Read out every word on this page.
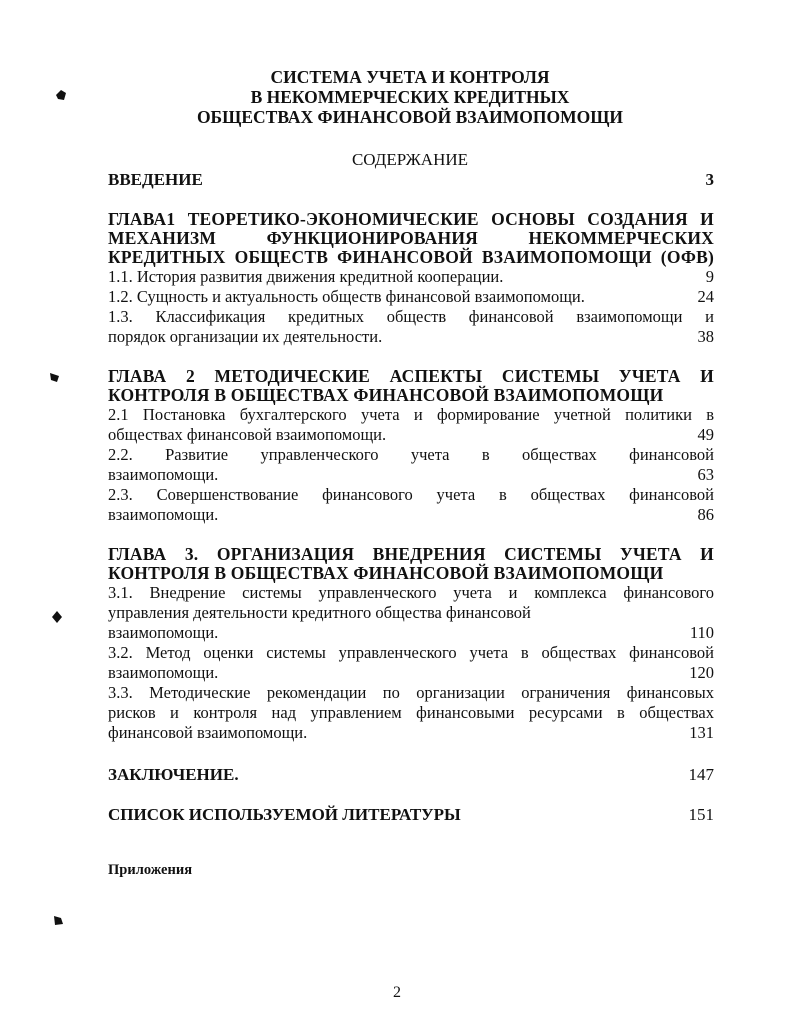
СИСТЕМА УЧЕТА И КОНТРОЛЯ
В НЕКОММЕРЧЕСКИХ КРЕДИТНЫХ
ОБЩЕСТВАХ ФИНАНСОВОЙ ВЗАИМОПОМОЩИ
СОДЕРЖАНИЕ
ВВЕДЕНИЕ	3
ГЛАВА1 ТЕОРЕТИКО-ЭКОНОМИЧЕСКИЕ ОСНОВЫ СОЗДАНИЯ И
МЕХАНИЗМ ФУНКЦИОНИРОВАНИЯ НЕКОММЕРЧЕСКИХ
КРЕДИТНЫХ ОБЩЕСТВ ФИНАНСОВОЙ ВЗАИМОПОМОЩИ (ОФВ)
1.1. История развития движения кредитной кооперации.	9
1.2. Сущность и актуальность обществ финансовой взаимопомощи.	24
1.3. Классификация кредитных обществ финансовой взаимопомощи и
порядок организации их деятельности.	38
ГЛАВА 2 МЕТОДИЧЕСКИЕ АСПЕКТЫ СИСТЕМЫ УЧЕТА И
КОНТРОЛЯ В ОБЩЕСТВАХ ФИНАНСОВОЙ ВЗАИМОПОМОЩИ
2.1 Постановка бухгалтерского учета и формирование учетной политики в
обществах финансовой взаимопомощи.	49
2.2. Развитие управленческого учета в обществах финансовой
взаимопомощи.	63
2.3. Совершенствование финансового учета в обществах финансовой
взаимопомощи.	86
ГЛАВА 3. ОРГАНИЗАЦИЯ ВНЕДРЕНИЯ СИСТЕМЫ УЧЕТА И
КОНТРОЛЯ В ОБЩЕСТВАХ ФИНАНСОВОЙ ВЗАИМОПОМОЩИ
3.1. Внедрение системы управленческого учета и комплекса финансового
управления деятельности кредитного общества финансовой
взаимопомощи.	110
3.2. Метод оценки системы управленческого учета в обществах финансовой
взаимопомощи.	120
3.3. Методические рекомендации по организации ограничения финансовых
рисков и контроля над управлением финансовыми ресурсами в обществах
финансовой взаимопомощи.	131
ЗАКЛЮЧЕНИЕ.	147
СПИСОК ИСПОЛЬЗУЕМОЙ ЛИТЕРАТУРЫ	151
Приложения
2
